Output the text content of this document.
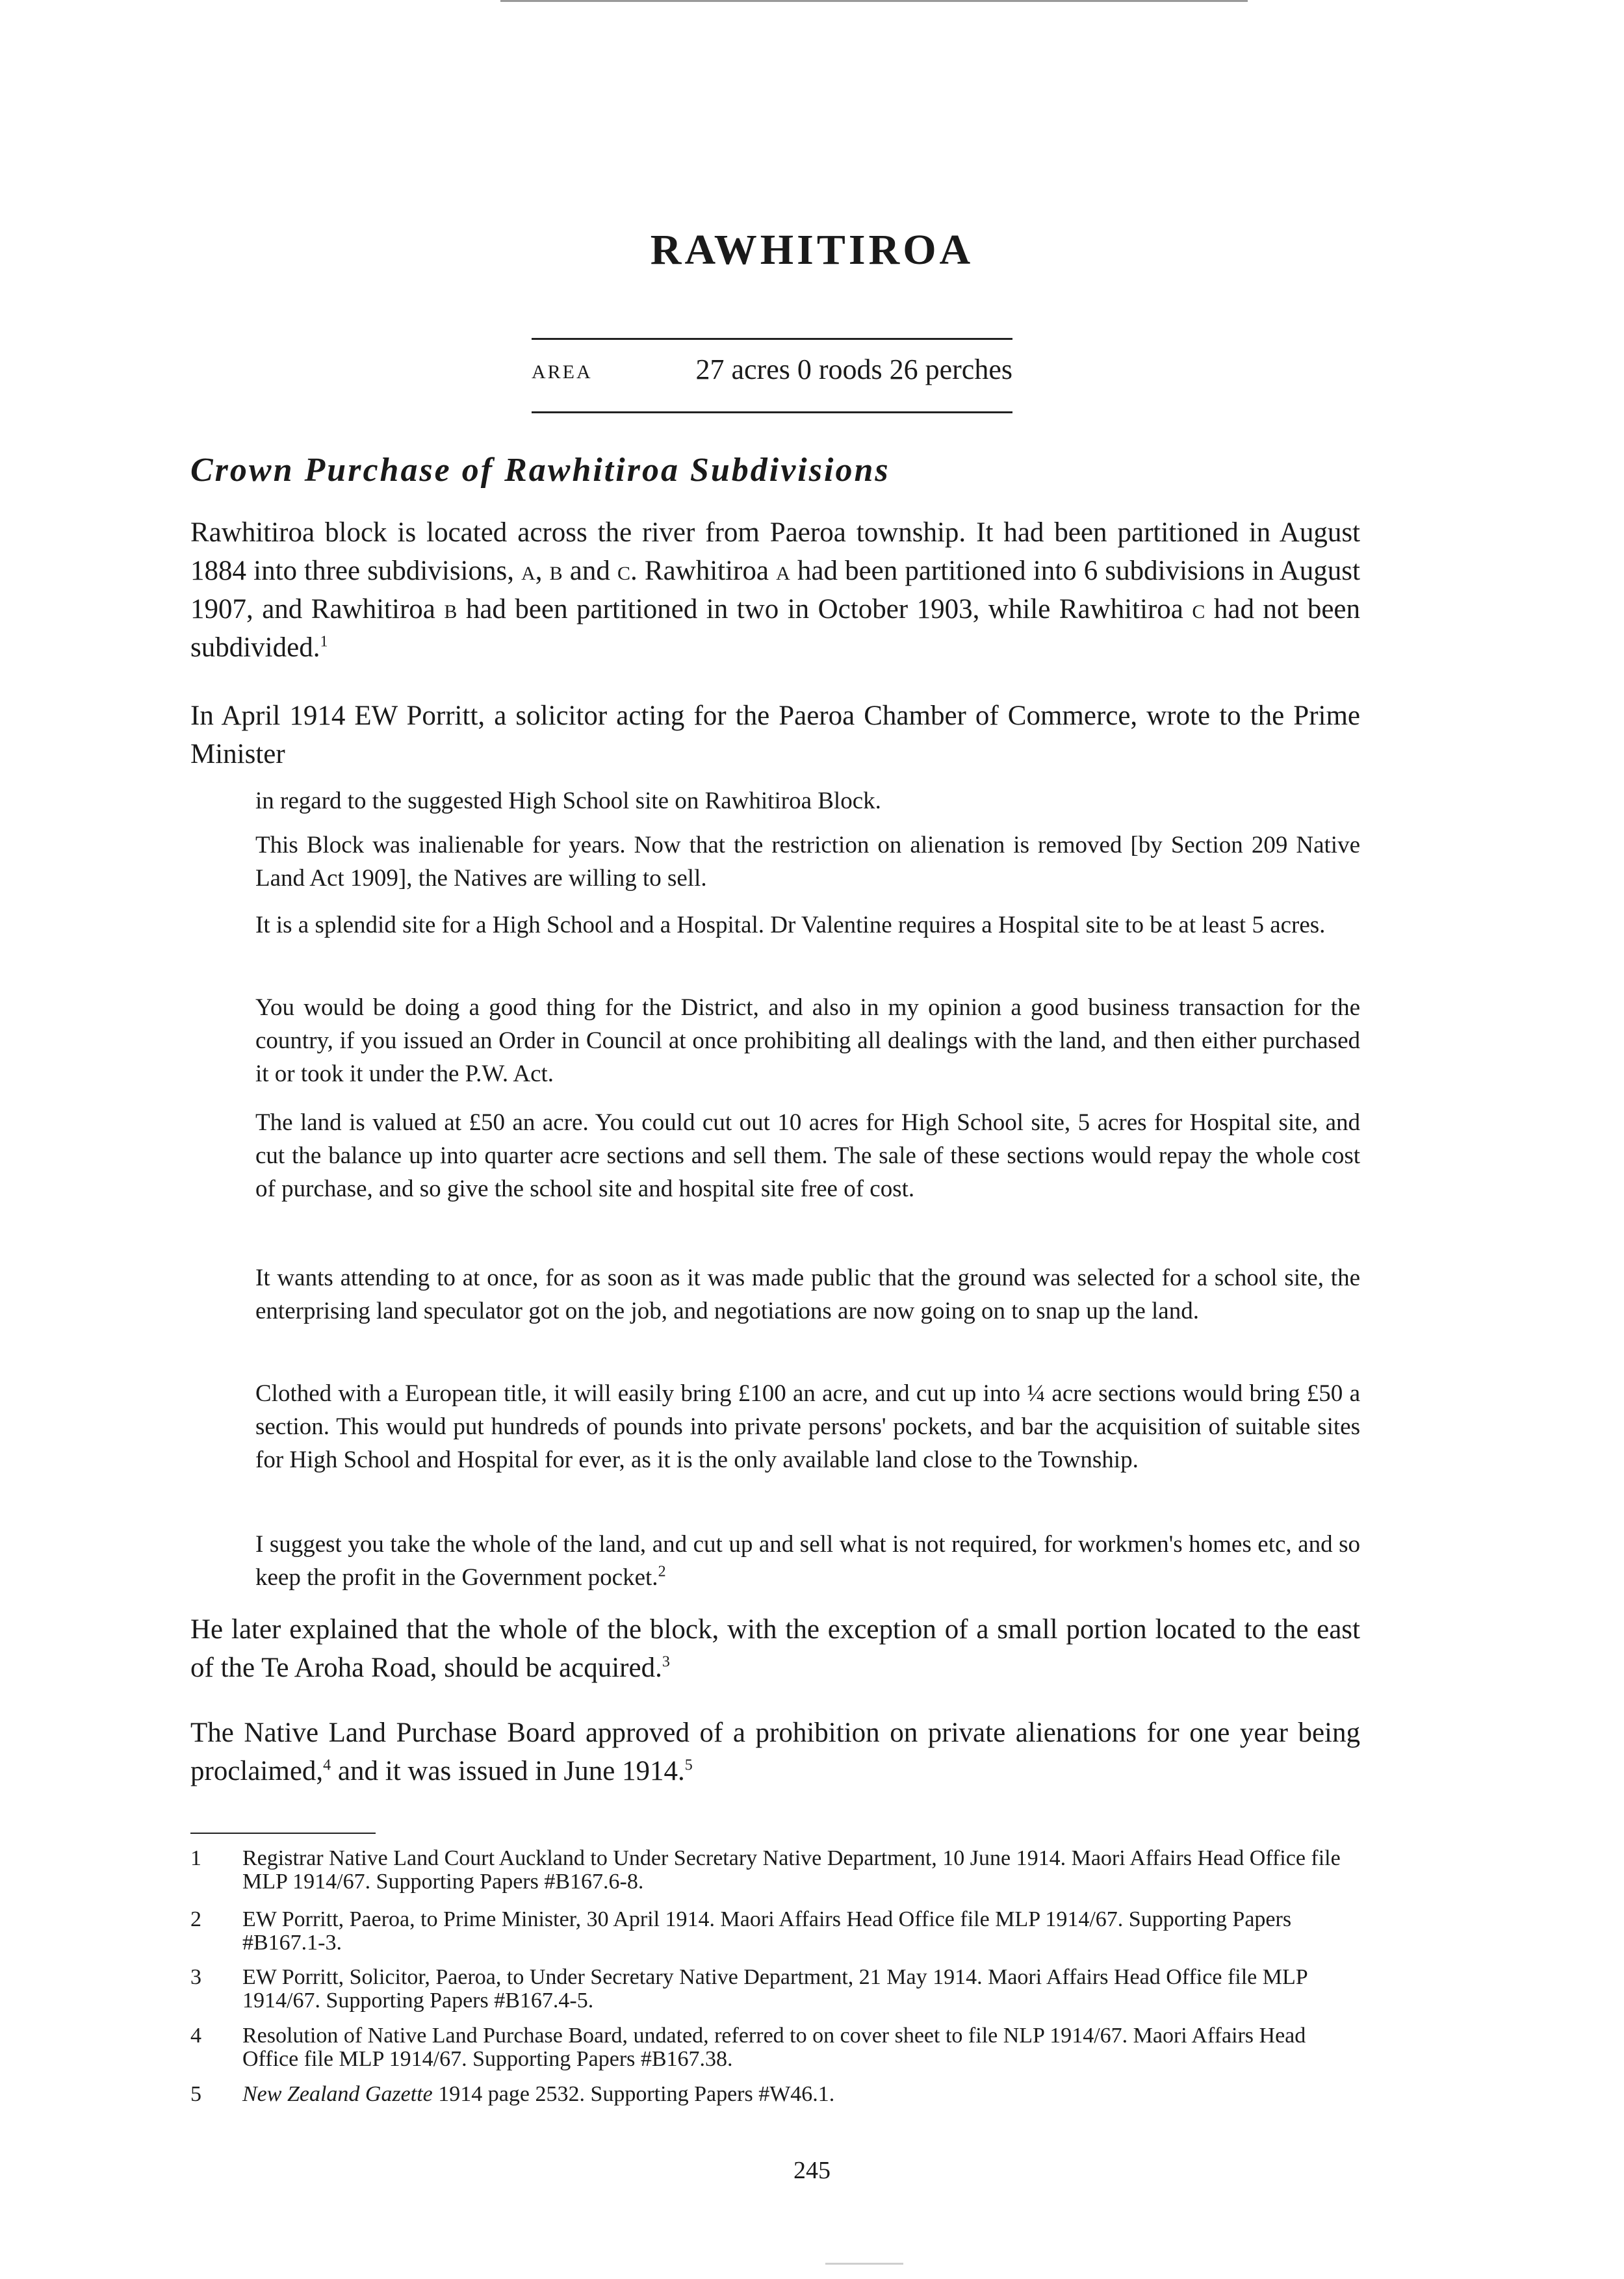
RAWHITIROA
AREA	27 acres 0 roods 26 perches
Crown Purchase of Rawhitiroa Subdivisions

Rawhitiroa block is located across the river from Paeroa township. It had been partitioned in August 1884 into three subdivisions, a, b and c. Rawhitiroa a had been partitioned into 6 subdivisions in August 1907, and Rawhitiroa b had been partitioned in two in October 1903, while Rawhitiroa c had not been subdivided.$^1$

In April 1914 EW Porritt, a solicitor acting for the Paeroa Chamber of Commerce, wrote to the Prime Minister

in regard to the suggested High School site on Rawhitiroa Block.

This Block was inalienable for years. Now that the restriction on alienation is removed [by Section 209 Native Land Act 1909], the Natives are willing to sell.

It is a splendid site for a High School and a Hospital. Dr Valentine requires a Hospital site to be at least 5 acres.

You would be doing a good thing for the District, and also in my opinion a good business transaction for the country, if you issued an Order in Council at once prohibiting all dealings with the land, and then either purchased it or took it under the P.W. Act.

The land is valued at £50 an acre. You could cut out 10 acres for High School site, 5 acres for Hospital site, and cut the balance up into quarter acre sections and sell them. The sale of these sections would repay the whole cost of purchase, and so give the school site and hospital site free of cost.

It wants attending to at once, for as soon as it was made public that the ground was selected for a school site, the enterprising land speculator got on the job, and negotiations are now going on to snap up the land.

Clothed with a European title, it will easily bring £100 an acre, and cut up into ¼ acre sections would bring £50 a section. This would put hundreds of pounds into private persons' pockets, and bar the acquisition of suitable sites for High School and Hospital for ever, as it is the only available land close to the Township.

I suggest you take the whole of the land, and cut up and sell what is not required, for workmen's homes etc, and so keep the profit in the Government pocket.$^2$

He later explained that the whole of the block, with the exception of a small portion located to the east of the Te Aroha Road, should be acquired.$^3$

The Native Land Purchase Board approved of a prohibition on private alienations for one year being proclaimed,$^4$ and it was issued in June 1914.$^5$

1	Registrar Native Land Court Auckland to Under Secretary Native Department, 10 June 1914. Maori Affairs Head Office file MLP 1914/67. Supporting Papers #B167.6-8.
2	EW Porritt, Paeroa, to Prime Minister, 30 April 1914. Maori Affairs Head Office file MLP 1914/67. Supporting Papers #B167.1-3.
3	EW Porritt, Solicitor, Paeroa, to Under Secretary Native Department, 21 May 1914. Maori Affairs Head Office file MLP 1914/67. Supporting Papers #B167.4-5.
4	Resolution of Native Land Purchase Board, undated, referred to on cover sheet to file NLP 1914/67. Maori Affairs Head Office file MLP 1914/67. Supporting Papers #B167.38.
5	New Zealand Gazette 1914 page 2532. Supporting Papers #W46.1.
245
